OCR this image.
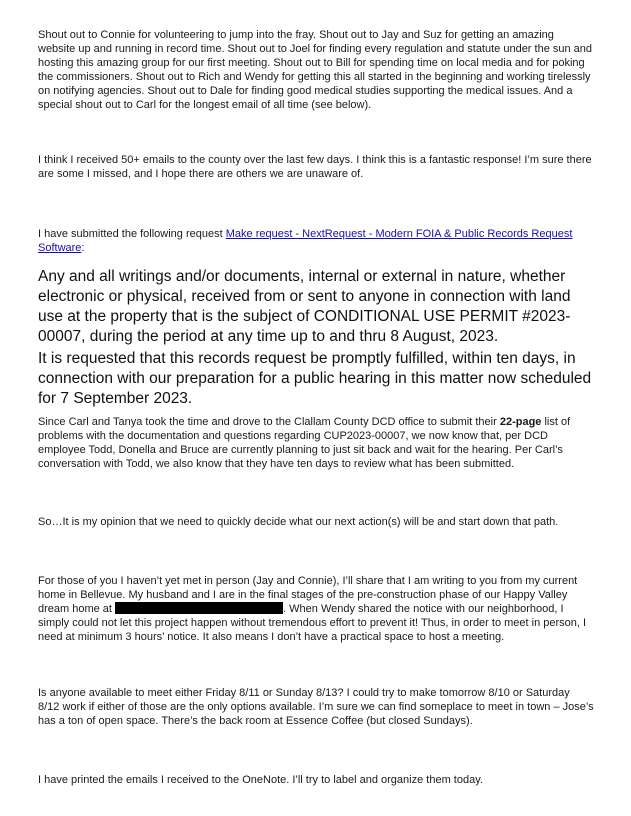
Shout out to Connie for volunteering to jump into the fray. Shout out to Jay and Suz for getting an amazing website up and running in record time. Shout out to Joel for finding every regulation and statute under the sun and hosting this amazing group for our first meeting. Shout out to Bill for spending time on local media and for poking the commissioners. Shout out to Rich and Wendy for getting this all started in the beginning and working tirelessly on notifying agencies. Shout out to Dale for finding good medical studies supporting the medical issues. And a special shout out to Carl for the longest email of all time (see below).

I think I received 50+ emails to the county over the last few days. I think this is a fantastic response! I’m sure there are some I missed, and I hope there are others we are unaware of.

I have submitted the following request Make request - NextRequest - Modern FOIA & Public Records Request Software:

Any and all writings and/or documents, internal or external in nature, whether electronic or physical, received from or sent to anyone in connection with land use at the property that is the subject of CONDITIONAL USE PERMIT #2023-00007, during the period at any time up to and thru 8 August, 2023.

It is requested that this records request be promptly fulfilled, within ten days, in connection with our preparation for a public hearing in this matter now scheduled for 7 September 2023.

Since Carl and Tanya took the time and drove to the Clallam County DCD office to submit their 22-page list of problems with the documentation and questions regarding CUP2023-00007, we now know that, per DCD employee Todd, Donella and Bruce are currently planning to just sit back and wait for the hearing. Per Carl’s conversation with Todd, we also know that they have ten days to review what has been submitted.

So…It is my opinion that we need to quickly decide what our next action(s) will be and start down that path.

For those of you I haven’t yet met in person (Jay and Connie), I’ll share that I am writing to you from my current home in Bellevue. My husband and I are in the final stages of the pre-construction phase of our Happy Valley dream home at	. When Wendy shared the notice with our neighborhood, I simply could not let this project happen without tremendous effort to prevent it! Thus, in order to meet in person, I need at minimum 3 hours’ notice. It also means I don’t have a practical space to host a meeting.

Is anyone available to meet either Friday 8/11 or Sunday 8/13? I could try to make tomorrow 8/10 or Saturday 8/12 work if either of those are the only options available. I’m sure we can find someplace to meet in town – Jose’s has a ton of open space. There’s the back room at Essence Coffee (but closed Sundays).

I have printed the emails I received to the OneNote. I’ll try to label and organize them today.
